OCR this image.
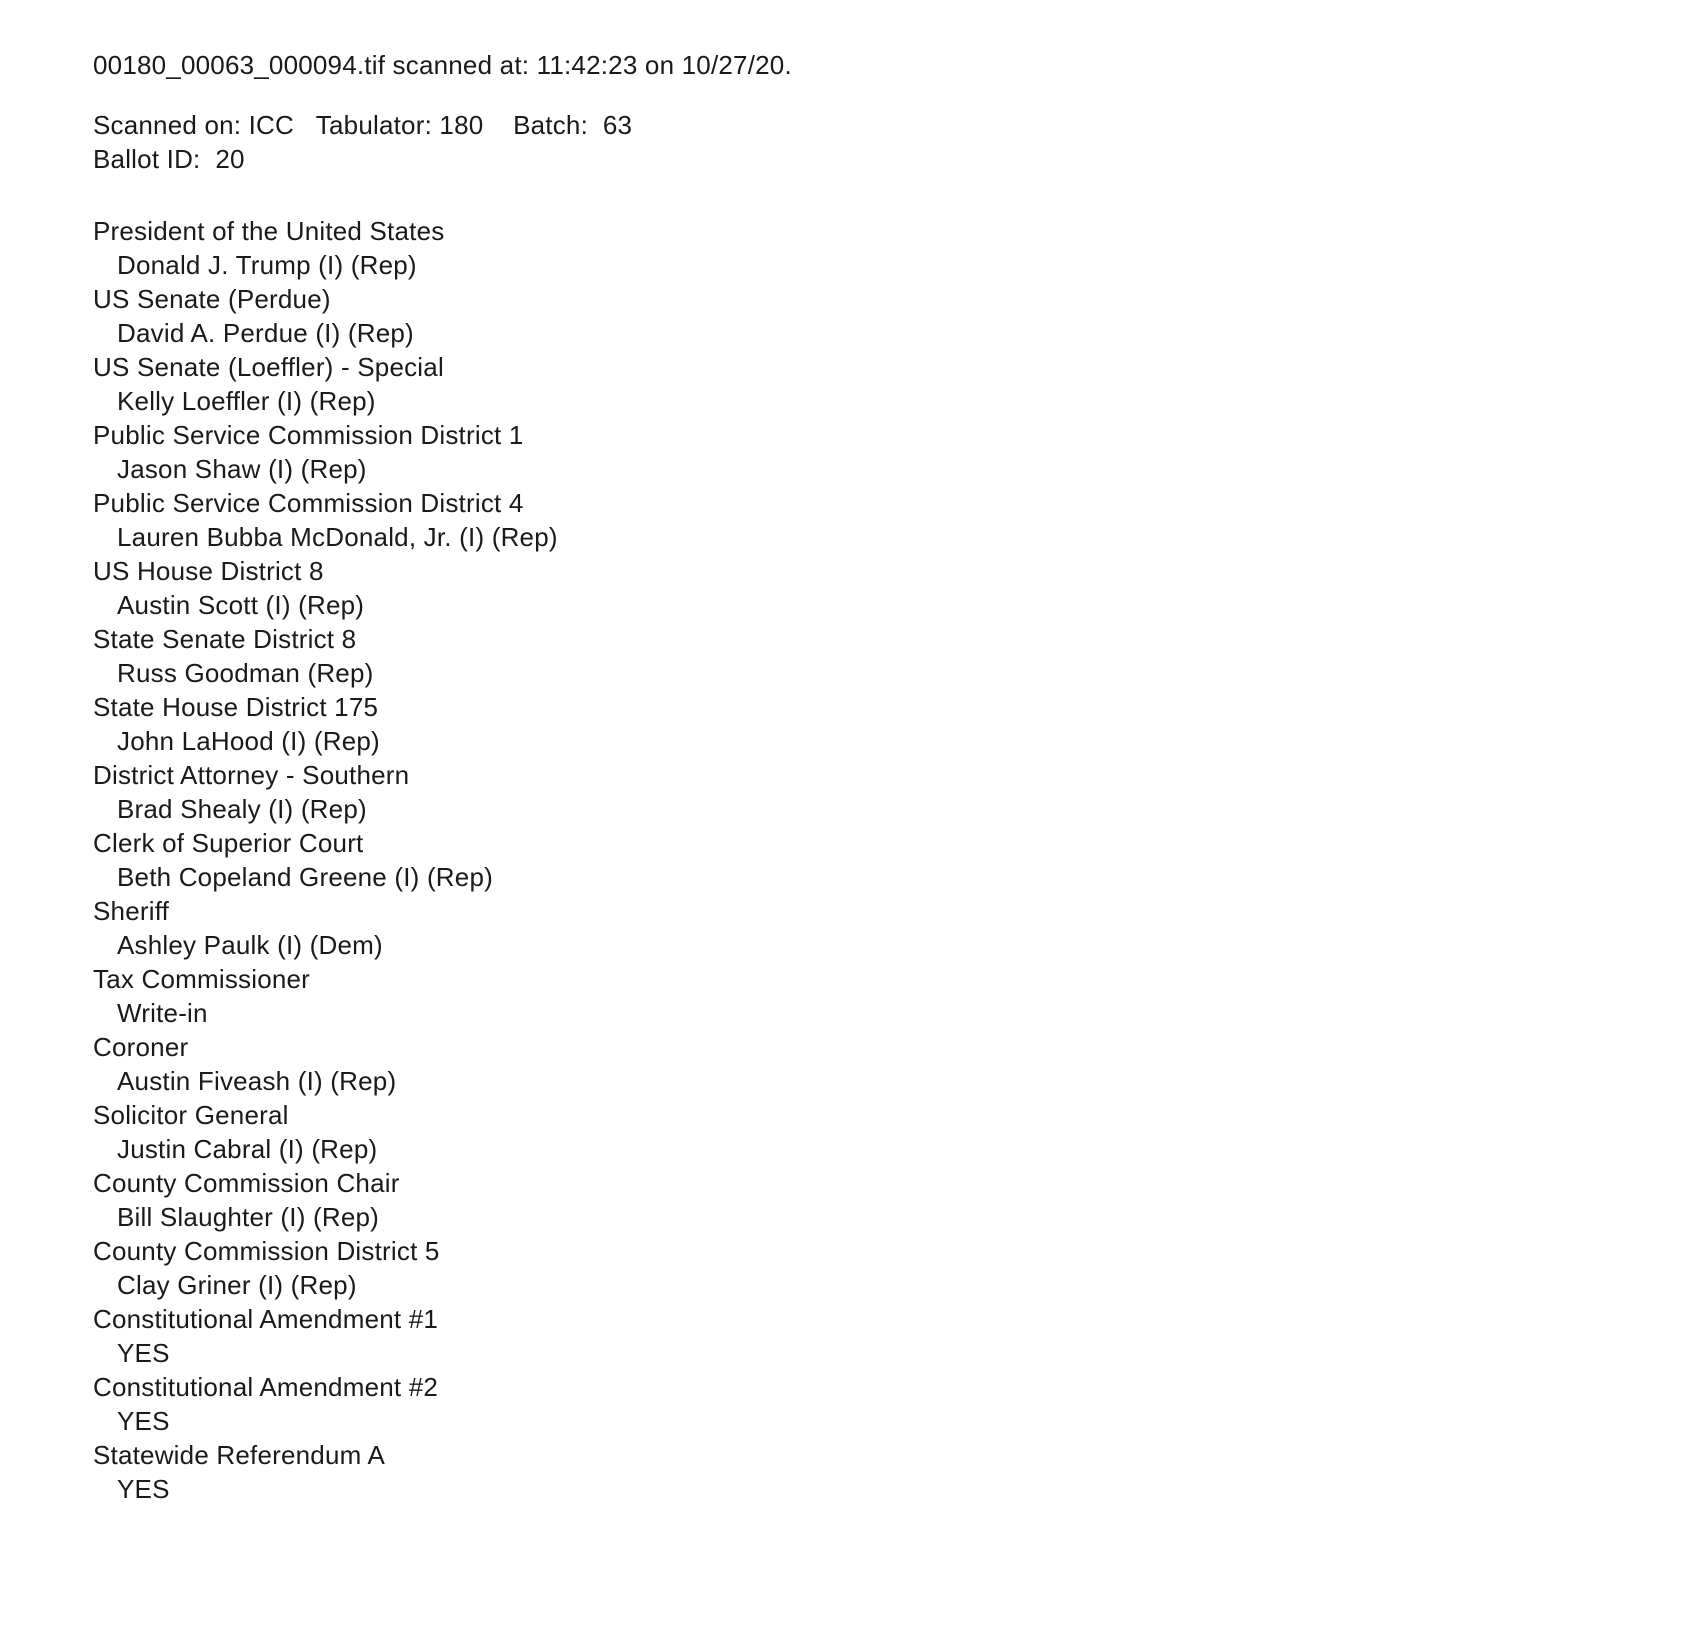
00180_00063_000094.tif scanned at: 11:42:23 on 10/27/20.
Scanned on: ICC   Tabulator: 180    Batch:  63
Ballot ID:  20
President of the United States
Donald J. Trump (I) (Rep)
US Senate (Perdue)
David A. Perdue (I) (Rep)
US Senate (Loeffler) - Special
Kelly Loeffler (I) (Rep)
Public Service Commission District 1
Jason Shaw (I) (Rep)
Public Service Commission District 4
Lauren Bubba McDonald, Jr. (I) (Rep)
US House District 8
Austin Scott (I) (Rep)
State Senate District 8
Russ Goodman (Rep)
State House District 175
John LaHood (I) (Rep)
District Attorney - Southern
Brad Shealy (I) (Rep)
Clerk of Superior Court
Beth Copeland Greene (I) (Rep)
Sheriff
Ashley Paulk (I) (Dem)
Tax Commissioner
Write-in
Coroner
Austin Fiveash (I) (Rep)
Solicitor General
Justin Cabral (I) (Rep)
County Commission Chair
Bill Slaughter (I) (Rep)
County Commission District 5
Clay Griner (I) (Rep)
Constitutional Amendment #1
YES
Constitutional Amendment #2
YES
Statewide Referendum A
YES
